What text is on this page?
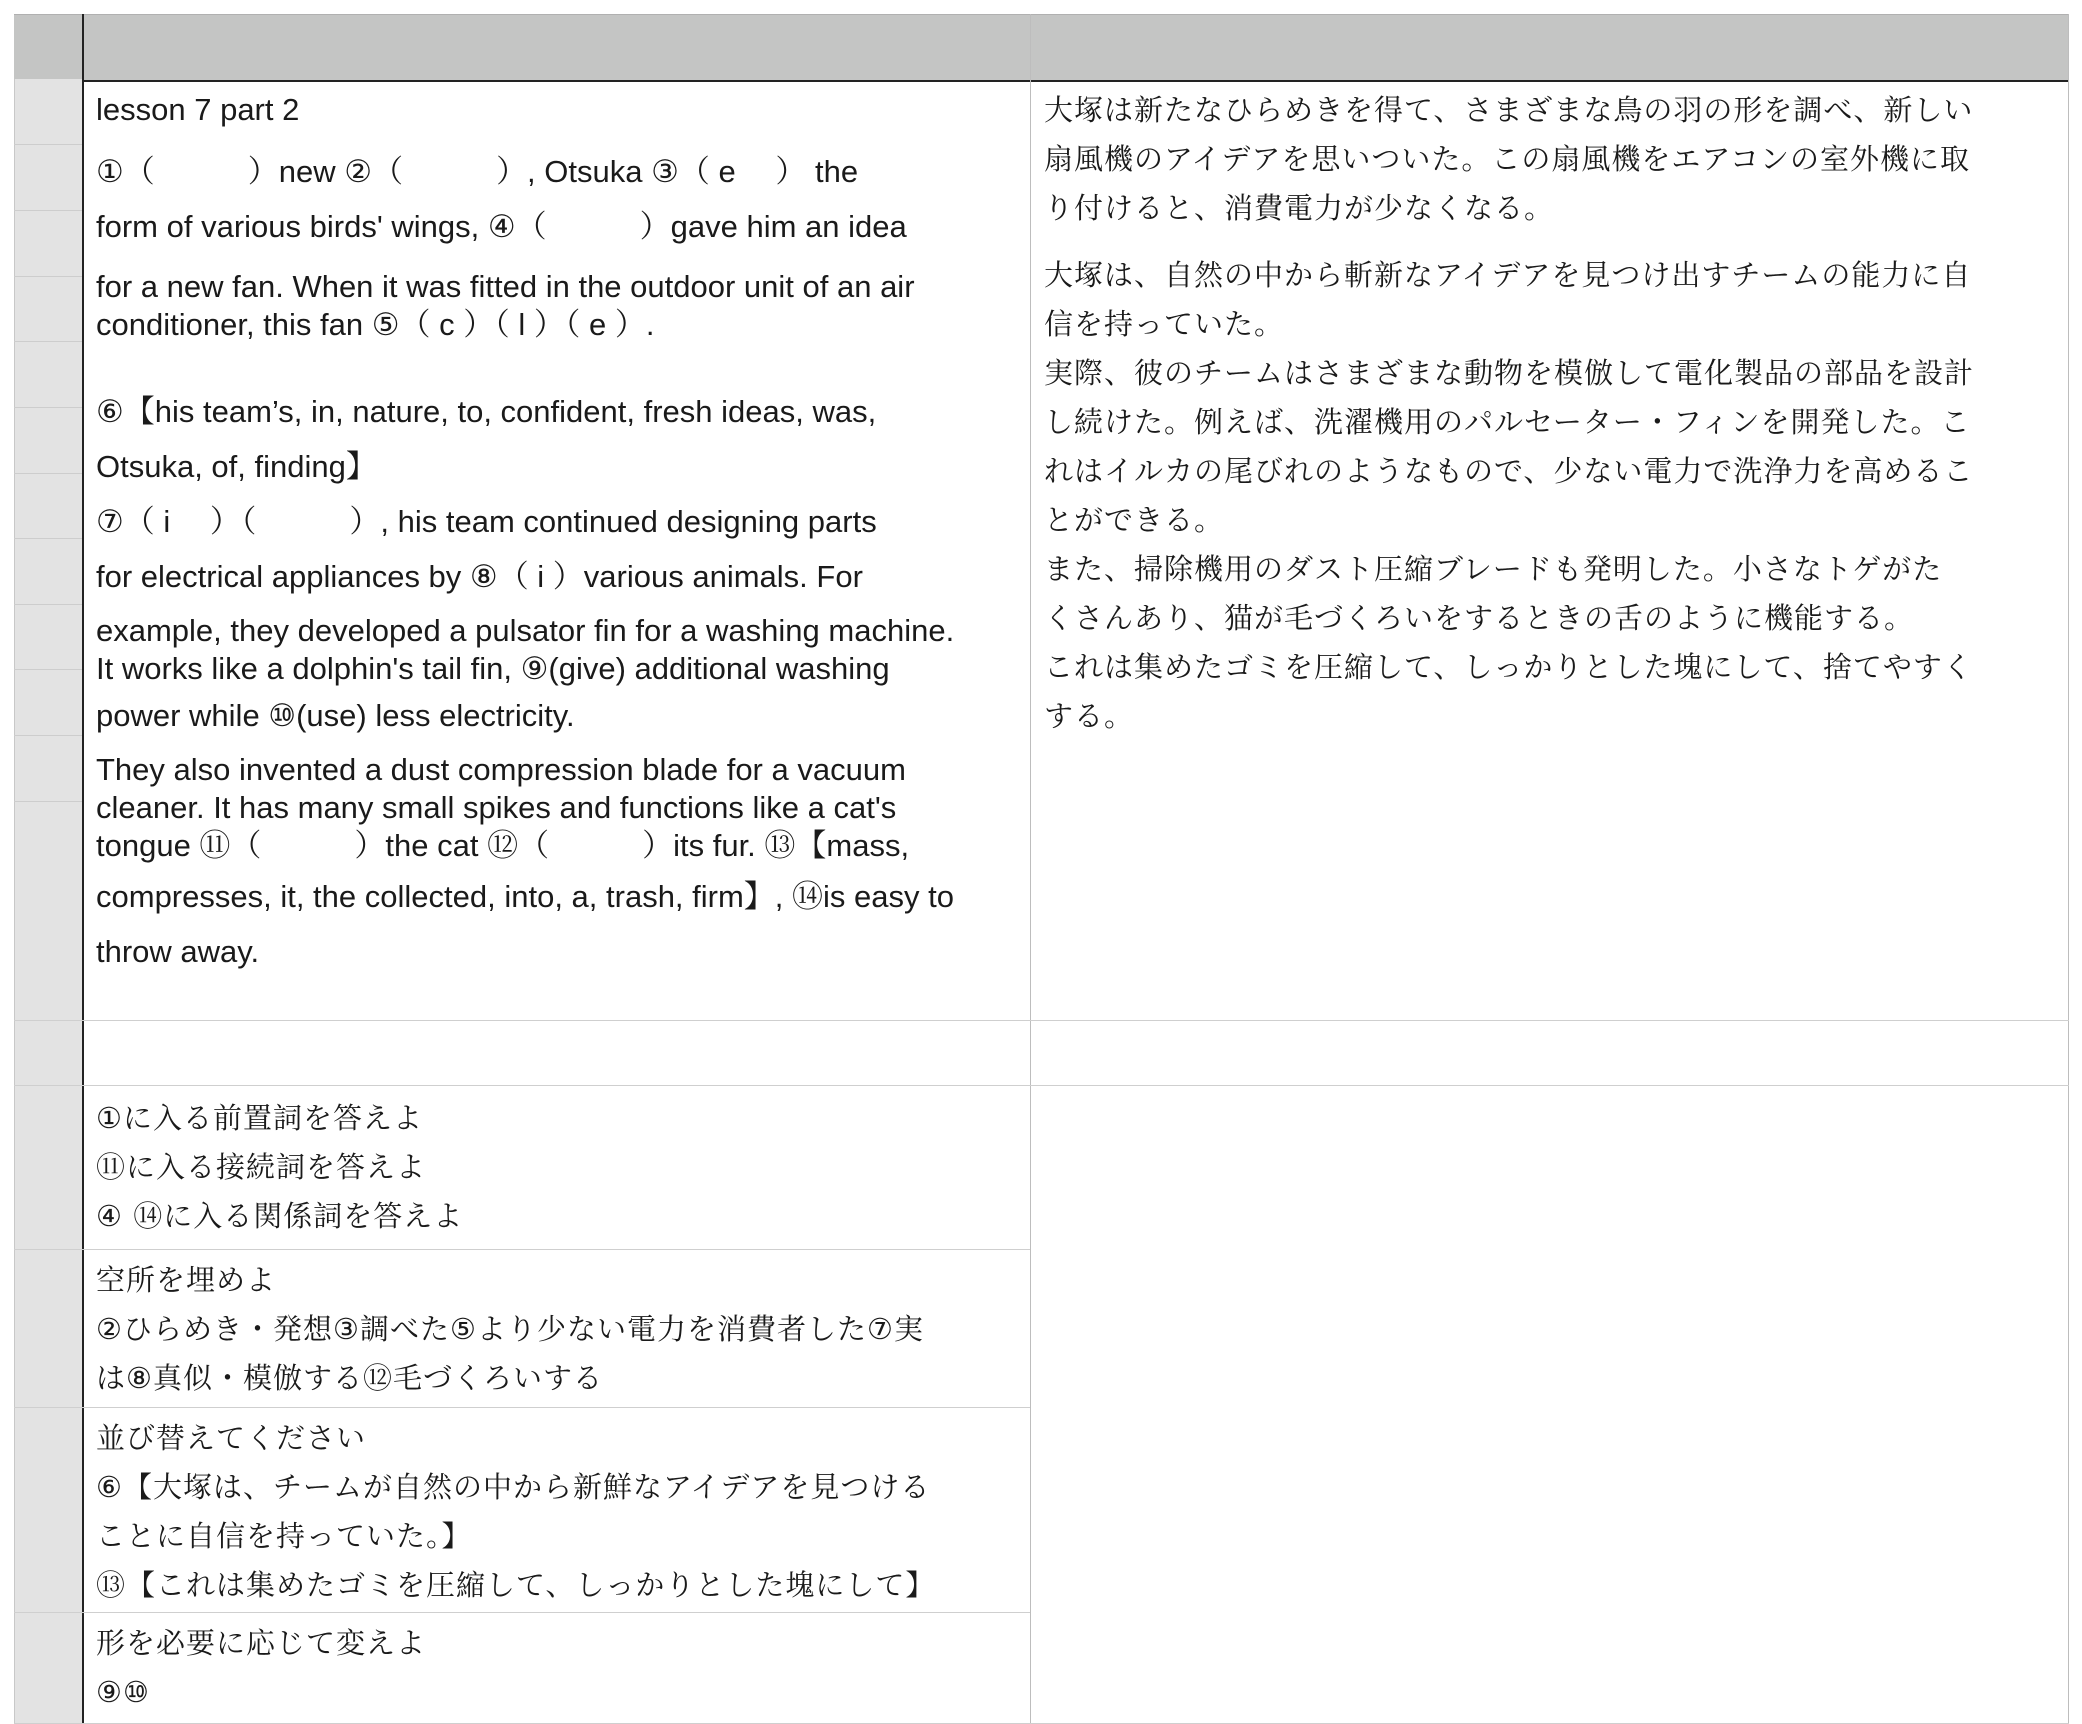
lesson 7 part 2
①（　　　）new ②（　　　）, Otsuka ③（ e　 ） the
form of various birds' wings, ④（　　　）gave him an idea
for a new fan. When it was fitted in the outdoor unit of an air
conditioner, this fan ⑤（ c ）（ l ）（ e ）.
⑥【his team’s, in, nature, to, confident, fresh ideas, was,
Otsuka, of, finding】
⑦（ i　 ）（　　　）, his team continued designing parts
for electrical appliances by ⑧（ i ）various animals. For
example, they developed a pulsator fin for a washing machine.
It works like a dolphin's tail fin, ⑨(give) additional washing
power while ⑩(use) less electricity.
They also invented a dust compression blade for a vacuum
cleaner. It has many small spikes and functions like a cat's
tongue ⑪（　　　）the cat ⑫（　　　）its fur. ⑬【mass,
compresses, it, the collected, into, a, trash, firm】, ⑭is easy to
throw away.
大塚は新たなひらめきを得て、さまざまな鳥の羽の形を調べ、新しい
扇風機のアイデアを思いついた。この扇風機をエアコンの室外機に取
り付けると、消費電力が少なくなる。
大塚は、自然の中から斬新なアイデアを見つけ出すチームの能力に自
信を持っていた。
実際、彼のチームはさまざまな動物を模倣して電化製品の部品を設計
し続けた。例えば、洗濯機用のパルセーター・フィンを開発した。こ
れはイルカの尾びれのようなもので、少ない電力で洗浄力を高めるこ
とができる。
また、掃除機用のダスト圧縮ブレードも発明した。小さなトゲがた
くさんあり、猫が毛づくろいをするときの舌のように機能する。
これは集めたゴミを圧縮して、しっかりとした塊にして、捨てやすく
する。
①に入る前置詞を答えよ
⑪に入る接続詞を答えよ
④ ⑭に入る関係詞を答えよ
空所を埋めよ
②ひらめき・発想③調べた⑤より少ない電力を消費者した⑦実
は⑧真似・模倣する⑫毛づくろいする
並び替えてください
⑥【大塚は、チームが自然の中から新鮮なアイデアを見つける
ことに自信を持っていた。】
⑬【これは集めたゴミを圧縮して、しっかりとした塊にして】
形を必要に応じて変えよ
⑨⑩
